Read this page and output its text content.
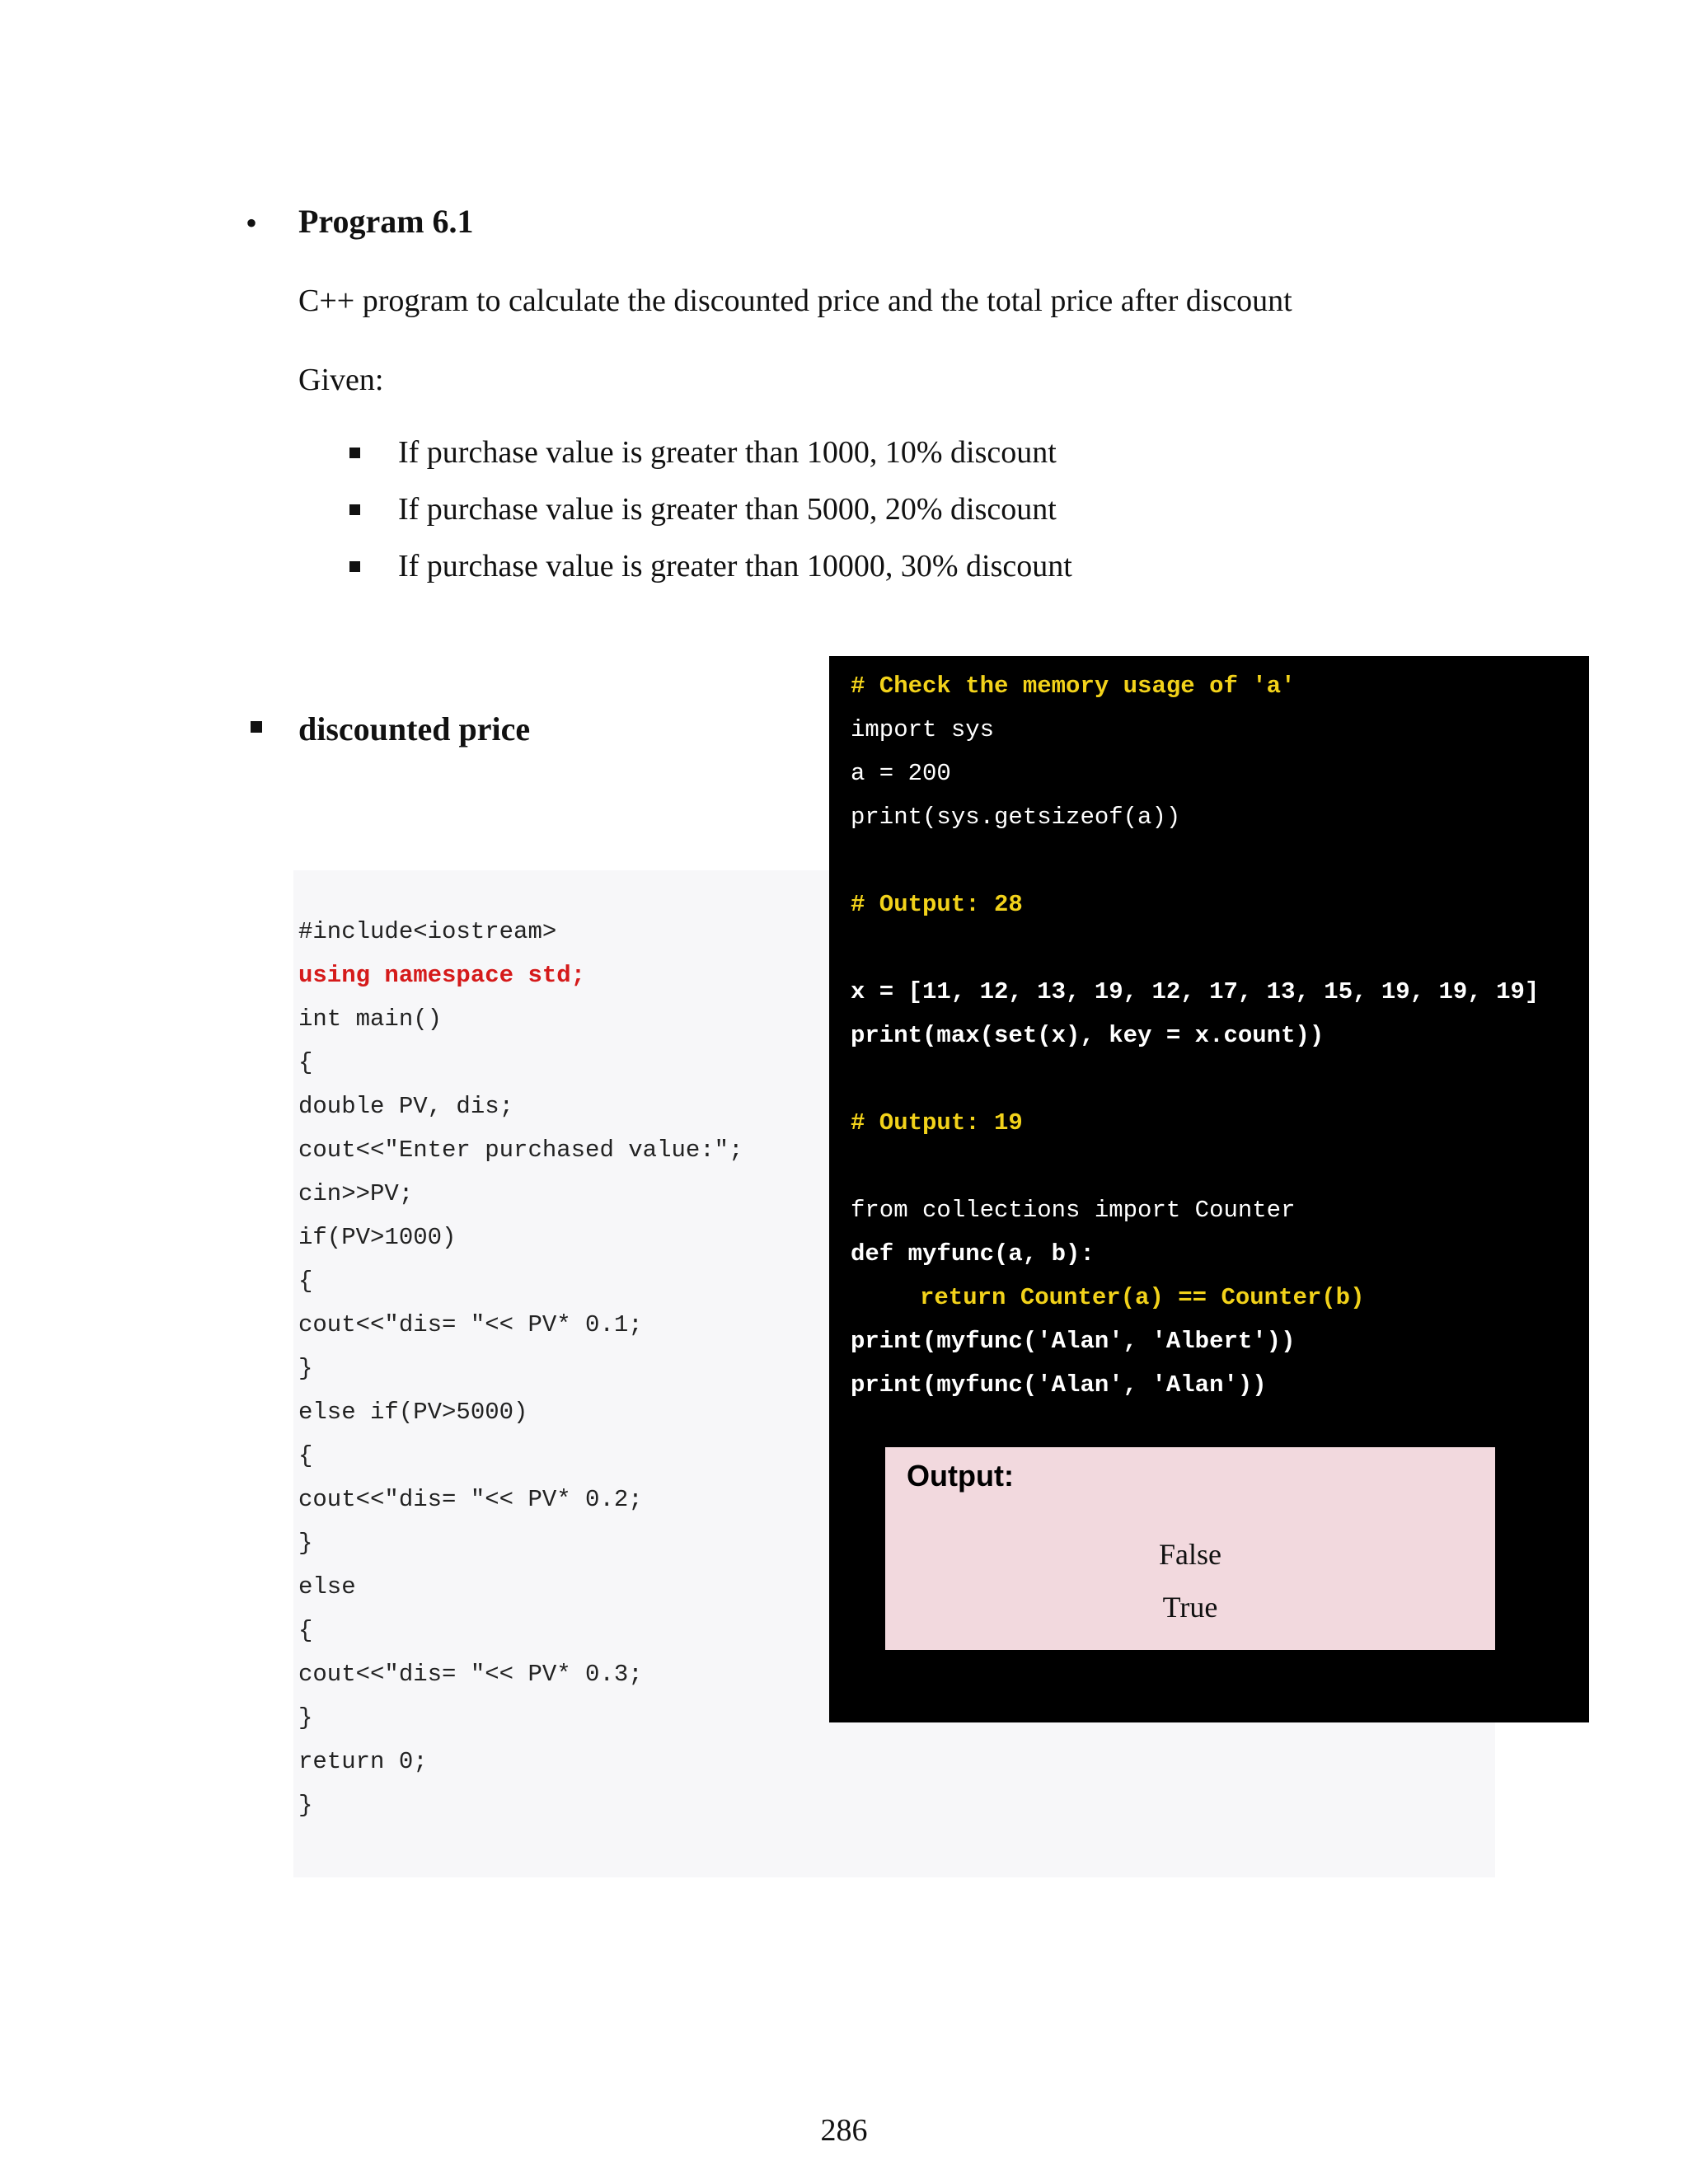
• Program 6.1
C++ program to calculate the discounted price and the total price after discount
Given:
If purchase value is greater than 1000, 10% discount
If purchase value is greater than 5000, 20% discount
If purchase value is greater than 10000, 30% discount
discounted price
#include<iostream>
using namespace std;
int main()
{
double PV, dis;
cout<<"Enter purchased value:";
cin>>PV;
if(PV>1000)
{
cout<<"dis= "<< PV* 0.1;
}
else if(PV>5000)
{
cout<<"dis= "<< PV* 0.2;
}
else
{
cout<<"dis= "<< PV* 0.3;
}
return 0;
}
# Check the memory usage of 'a'
import sys
a = 200
print(sys.getsizeof(a))
# Output: 28
x = [11, 12, 13, 19, 12, 17, 13, 15, 19, 19, 19]
print(max(set(x), key = x.count))
# Output: 19
from collections import Counter
def myfunc(a, b):
return Counter(a) == Counter(b)
print(myfunc('Alan', 'Albert'))
print(myfunc('Alan', 'Alan'))
Output:
False
True
286
